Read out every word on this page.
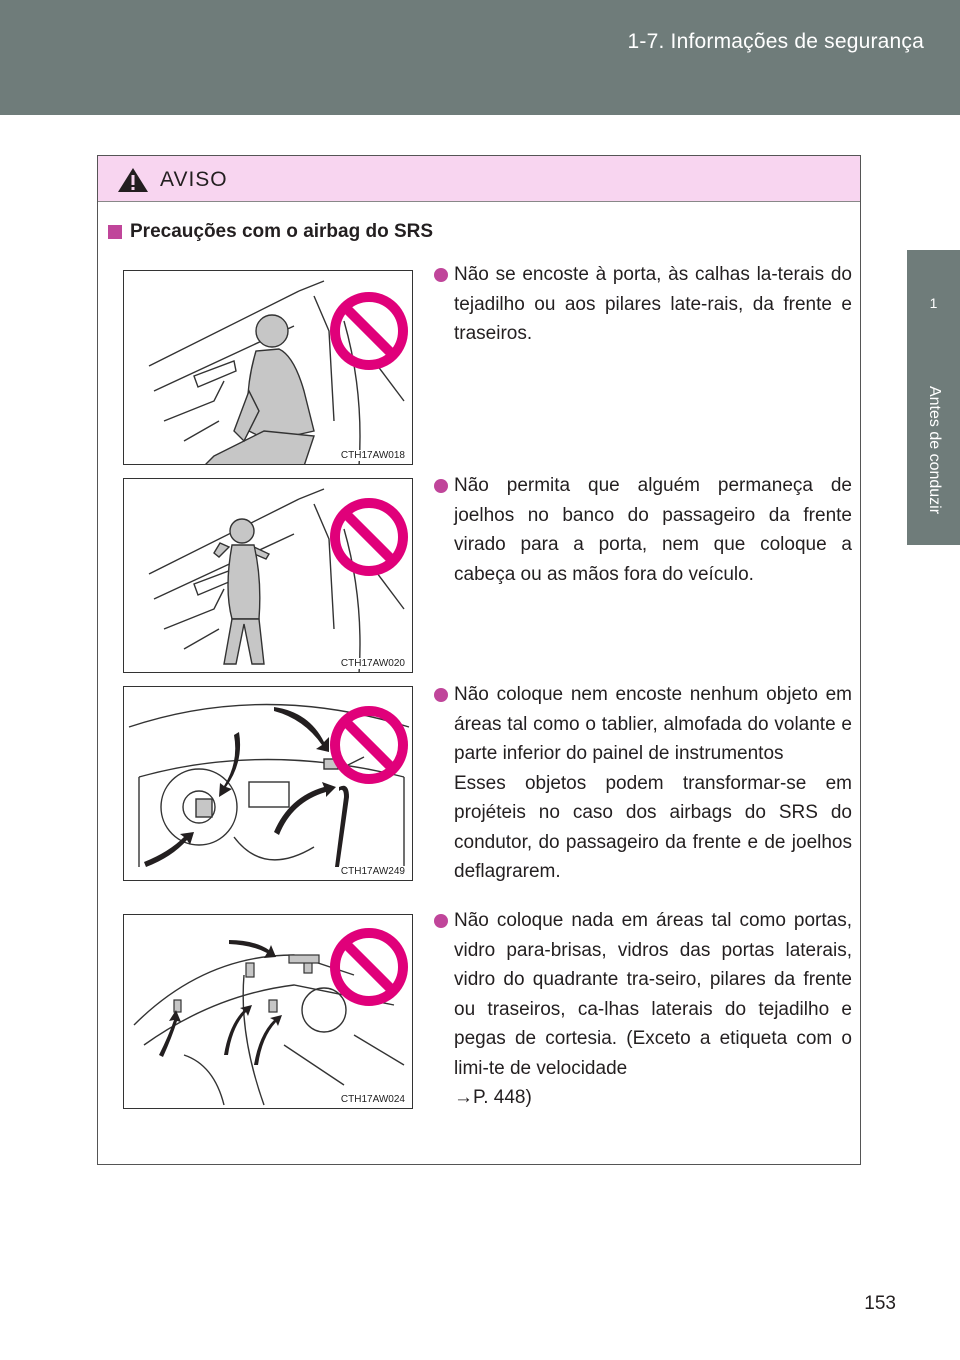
1-7. Informações de segurança
1
Antes de conduzir
AVISO
Precauções com o airbag do SRS
CTH17AW018
CTH17AW020
CTH17AW249
CTH17AW024

Não se encoste à porta, às calhas la-terais do tejadilho ou aos pilares late-rais, da frente e traseiros.

Não permita que alguém permaneça de joelhos no banco do passageiro da frente virado para a porta, nem que coloque a cabeça ou as mãos fora do veículo.

Não coloque nem encoste nenhum objeto em áreas tal como o tablier, almofada do volante e parte inferior do painel de instrumentos

Esses objetos podem transformar-se em projéteis no caso dos airbags do SRS do condutor, do passageiro da frente e de joelhos deflagrarem.

Não coloque nada em áreas tal como portas, vidro para-brisas, vidros das portas laterais, vidro do quadrante tra-seiro, pilares da frente ou traseiros, ca-lhas laterais do tejadilho e pegas de cortesia. (Exceto a etiqueta com o limi-te de velocidade

→P. 448)

153
